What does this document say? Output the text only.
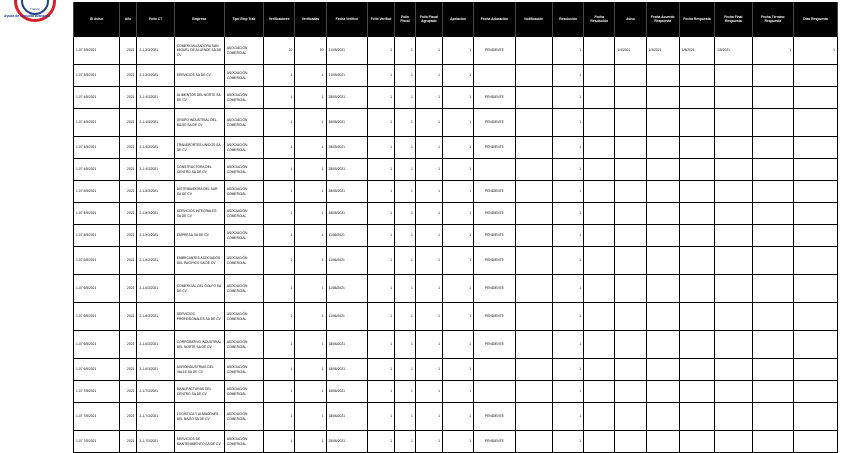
Trabajo
Ayuda de consulta avanzada
ID Aviso	Año	Folio CT	Empresa	Tipo Emp Trab	Verificadores	Verificadas	Fecha Verificó	Folio Verificó	Folio Fiscal	Folio Fiscal Agrupado	Apelación	Fecha Aclaración	Notificación	Resolución	Fecha Resolución	Aviso	Fecha Acuerdo Respuesta	Fecha Respuesta	Fecha Final Respuesta	Fecha Término Respuesta	Días Respuesta
1-07 3/5/2021	2021	2-1-3/3/2021	COMERCIALIZADORA SAN MIGUEL DE ALLENDE SA DE CV	ASOCIACIÓN COMERCIAL	10	10	21/05/2021	1	1	1	1	PENDIENTE		1		1/4/2021	1/4/2021	1/5/2021	1/5/2021	1	1
1-07 3/5/2021	2021	2-1-3/3/2021	SERVICIOS SA DE CV	ASOCIACIÓN COMERCIAL	1	1	21/05/2021	1	1	1	1			1							
1-07 4/5/2021	2021	2-1-4/3/2021	ALIMENTOS DEL NORTE SA DE CV	ASOCIACIÓN COMERCIAL	1	1	28/05/2021	1	1	1	1	PENDIENTE		1							
1-07 4/5/2021	2021	2-1-4/3/2021	GRUPO INDUSTRIAL DEL BAJÍO SA DE CV	ASOCIACIÓN COMERCIAL	1	1	28/05/2021	1	1	1	1	PENDIENTE		1							
1-07 4/5/2021	2021	2-1-4/3/2021	TRANSPORTES UNIDOS SA DE CV	ASOCIACIÓN COMERCIAL	1	1	28/05/2021	1	1	1	1	PENDIENTE		1							
1-07 4/5/2021	2021	2-1-4/3/2021	CONSTRUCTORA DEL CENTRO SA DE CV	ASOCIACIÓN COMERCIAL	1	1	28/05/2021	1	1	1	1			1							
1-07 5/5/2021	2021	2-1-5/3/2021	DISTRIBUIDORA DEL SUR SA DE CV	ASOCIACIÓN COMERCIAL	1	1	28/05/2021	1	1	1	1	PENDIENTE		1							
1-07 5/5/2021	2021	2-1-5/3/2021	SERVICIOS INTEGRALES SA DE CV	ASOCIACIÓN COMERCIAL	1	1	28/05/2021	1	1	1	1	PENDIENTE		1							
1-07 5/5/2021	2021	2-1-5/3/2021	EMPRESA SA DE CV	ASOCIACIÓN COMERCIAL	1	1	11/06/2021	1	1	1	1	PENDIENTE		1							
1-07 5/5/2021	2021	2-1-5/3/2021	FABRICANTES ASOCIADOS DEL PACÍFICO SA DE CV	ASOCIACIÓN COMERCIAL	1	1	11/06/2021	1	1	1	1	PENDIENTE		1							
1-07 6/5/2021	2021	2-1-6/3/2021	COMERCIAL DEL GOLFO SA DE CV	ASOCIACIÓN COMERCIAL	1	1	11/06/2021	1	1	1	1	PENDIENTE		1							
1-07 6/5/2021	2021	2-1-6/3/2021	SERVICIOS PROFESIONALES SA DE CV	ASOCIACIÓN COMERCIAL	1	1	11/06/2021	1	1	1	1	PENDIENTE		1							
1-07 6/5/2021	2021	2-1-6/3/2021	CORPORATIVO INDUSTRIAL DEL NORTE SA DE CV	ASOCIACIÓN COMERCIAL	1	1	18/06/2021	1	1	1	1	PENDIENTE		1							
1-07 6/5/2021	2021	2-1-6/3/2021	AGROINDUSTRIAS DEL VALLE SA DE CV	ASOCIACIÓN COMERCIAL	1	1	18/06/2021	1	1	1	1			1							
1-07 7/5/2021	2021	2-1-7/3/2021	MANUFACTURAS DEL CENTRO SA DE CV	ASOCIACIÓN COMERCIAL	1	1	18/06/2021	1	1	1	1			1							
1-07 7/5/2021	2021	2-1-7/3/2021	LOGÍSTICA Y ALMACENES DEL BAJÍO SA DE CV	ASOCIACIÓN COMERCIAL	1	1	18/06/2021	1	1	1	1	PENDIENTE		1							
1-07 7/5/2021	2021	2-1-7/3/2021	SERVICIOS DE MANTENIMIENTO SA DE CV	ASOCIACIÓN COMERCIAL	1	1	25/06/2021	1	1	1	1	PENDIENTE		1							
